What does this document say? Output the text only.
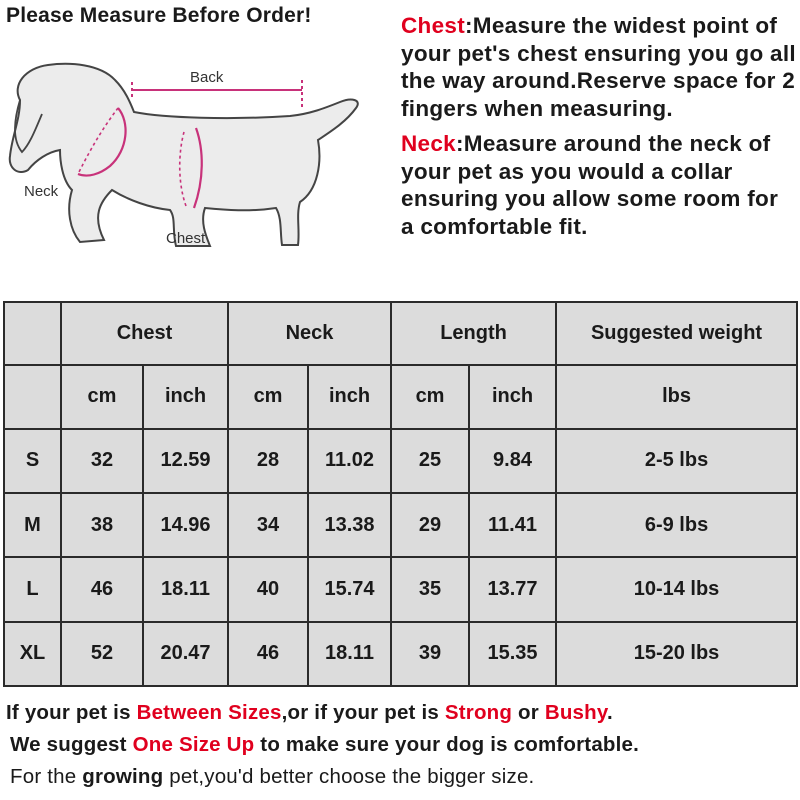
Please Measure Before Order!
Back
Neck
Chest

Chest:Measure the widest point of your pet's chest ensuring you go all the way around.Reserve space for 2 fingers when measuring.

Neck:Measure around the neck of your pet as you would a collar ensuring you allow some room for a comfortable fit.

	Chest		Neck		Length		Suggested weight
	cm	inch	cm	inch	cm	inch	lbs
S	32	12.59	28	11.02	25	9.84	2-5 lbs
M	38	14.96	34	13.38	29	11.41	6-9 lbs
L	46	18.11	40	15.74	35	13.77	10-14 lbs
XL	52	20.47	46	18.11	39	15.35	15-20 lbs
If your pet is Between Sizes,or if your pet is Strong or Bushy.
We suggest One Size Up to make sure your dog is comfortable.
For the growing pet,you'd better choose the bigger size.
